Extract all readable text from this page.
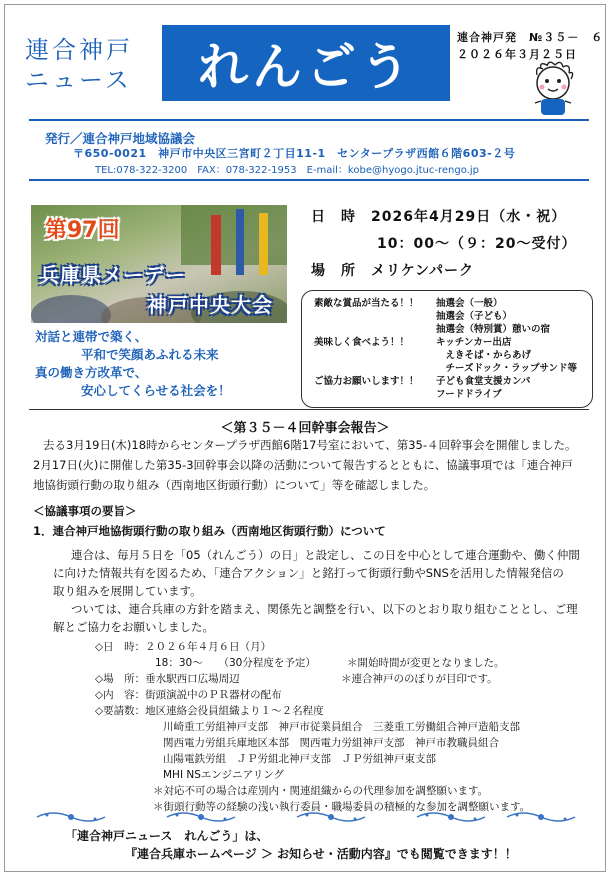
連合神戸
ニュース	れんごう
連合神戸発　№３５－　６
２０２６年３月２５日
発行／連合神戸地域協議会
〒650-0021　神戸市中央区三宮町２丁目11-1　センタープラザ西館６階603-２号
TEL:078-322-3200　FAX：078-322-1953　E-mail：kobe@hyogo.jtuc-rengo.jp
第97回
兵庫県メーデー
神戸中央大会
対話と連帯で築く、
平和で笑顔あふれる未来
真の働き方改革で、
安心してくらせる社会を！
日　時　2026年4月29日（水・祝）
10：00～（９：20～受付）
場　所　メリケンパーク
素敵な賞品が当たる！！ 抽選会（一般）
抽選会（子ども）
抽選会（特別賞）憩いの宿
美味しく食べよう！！	キッチンカー出店
　えきそば・からあげ
　チーズドック・ラップサンド等
ご協力お願いします！！ 子ども食堂支援カンパ
フードドライブ
＜第３５－４回幹事会報告＞
去る3月19日(木)18時からセンタープラザ西館6階17号室において、第35-４回幹事会を開催しました。
2月17日(火)に開催した第35-3回幹事会以降の活動について報告するとともに、協議事項では「連合神戸
地協街頭行動の取り組み（西南地区街頭行動）について」等を確認しました。
＜協議事項の要旨＞
1．連合神戸地協街頭行動の取り組み（西南地区街頭行動）について
連合は、毎月５日を「05（れんごう）の日」と設定し、この日を中心として連合運動や、働く仲間
に向けた情報共有を図るため、「連合アクション」と銘打って街頭行動やSNSを活用した情報発信の
取り組みを展開しています。
ついては、連合兵庫の方針を踏まえ、関係先と調整を行い、以下のとおり取り組むこととし、ご理
解とご協力をお願いしました。
◇日　時：２０２６年４月６日（月）
18：30～　　（30分程度を予定）	＊開始時間が変更となりました。
◇場　所：垂水駅西口広場周辺	＊連合神戸ののぼりが目印です。
◇内　容：街頭演説中のＰＲ器材の配布
◇要請数：地区連絡会役員組織より１～２名程度
川崎重工労組神戸支部　神戸市従業員組合　三菱重工労働組合神戸造船支部
関西電力労組兵庫地区本部　関西電力労組神戸支部　神戸市教職員組合
山陽電鉄労組　ＪＰ労組北神戸支部　ＪＰ労組神戸東支部
MHI NSエンジニアリング
＊対応不可の場合は産別内・関連組織からの代理参加を調整願います。
＊街頭行動等の経験の浅い執行委員・職場委員の積極的な参加を調整願います。
「連合神戸ニュース　れんごう」は、
『連合兵庫ホームページ ＞ お知らせ・活動内容』でも閲覧できます！！
